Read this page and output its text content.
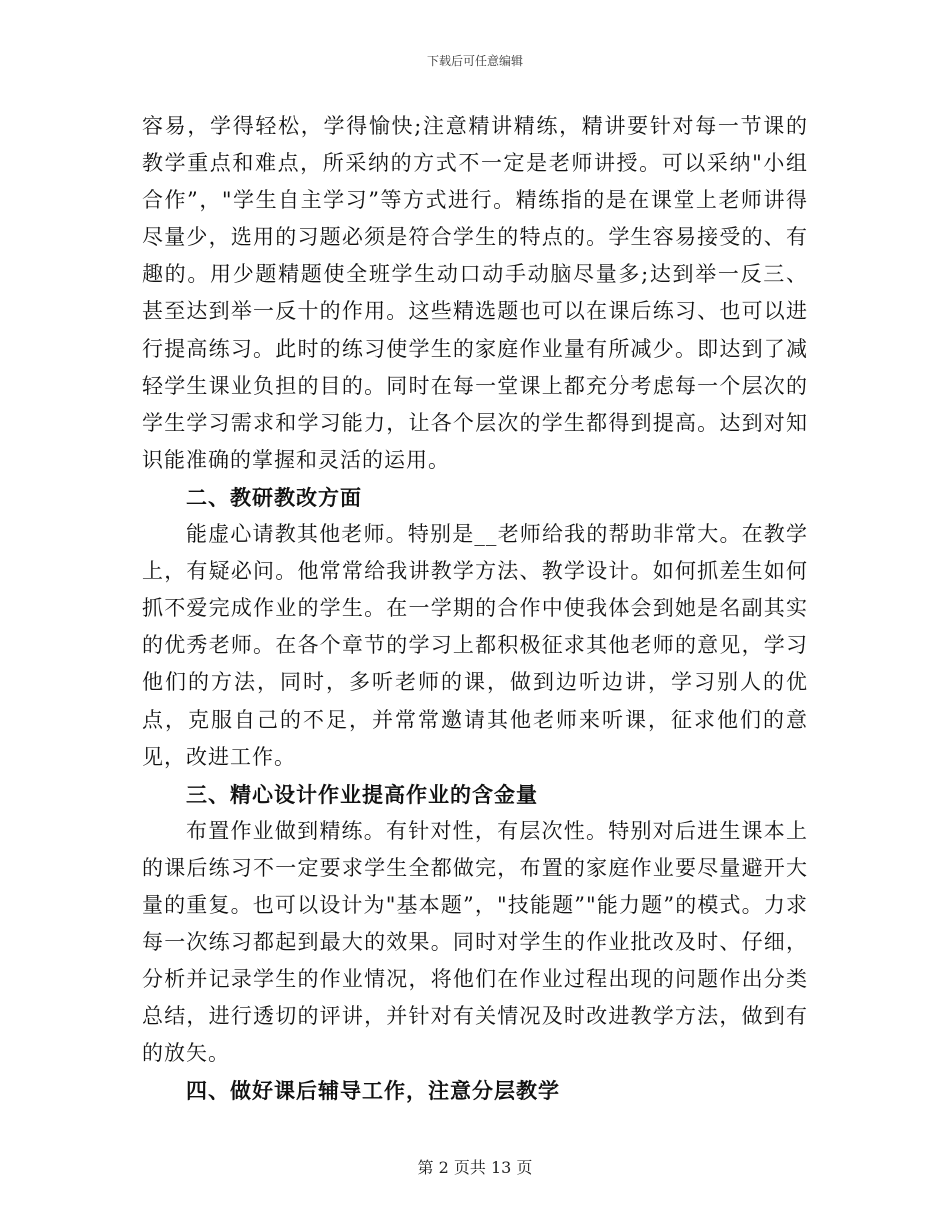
下载后可任意编辑

容易，学得轻松，学得愉快;注意精讲精练，精讲要针对每一节课的教学重点和难点，所采纳的方式不一定是老师讲授。可以采纳"小组合作”，"学生自主学习”等方式进行。精练指的是在课堂上老师讲得尽量少，选用的习题必须是符合学生的特点的。学生容易接受的、有趣的。用少题精题使全班学生动口动手动脑尽量多;达到举一反三、甚至达到举一反十的作用。这些精选题也可以在课后练习、也可以进行提高练习。此时的练习使学生的家庭作业量有所减少。即达到了减轻学生课业负担的目的。同时在每一堂课上都充分考虑每一个层次的学生学习需求和学习能力，让各个层次的学生都得到提高。达到对知识能准确的掌握和灵活的运用。

二、教研教改方面

能虚心请教其他老师。特别是__老师给我的帮助非常大。在教学上，有疑必问。他常常给我讲教学方法、教学设计。如何抓差生如何抓不爱完成作业的学生。在一学期的合作中使我体会到她是名副其实的优秀老师。在各个章节的学习上都积极征求其他老师的意见，学习他们的方法，同时，多听老师的课，做到边听边讲，学习别人的优点，克服自己的不足，并常常邀请其他老师来听课，征求他们的意见，改进工作。

三、精心设计作业提高作业的含金量

布置作业做到精练。有针对性，有层次性。特别对后进生课本上的课后练习不一定要求学生全都做完，布置的家庭作业要尽量避开大量的重复。也可以设计为"基本题”，"技能题”"能力题”的模式。力求每一次练习都起到最大的效果。同时对学生的作业批改及时、仔细，分析并记录学生的作业情况，将他们在作业过程出现的问题作出分类总结，进行透切的评讲，并针对有关情况及时改进教学方法，做到有的放矢。

四、做好课后辅导工作，注意分层教学

第 2 页共 13 页
